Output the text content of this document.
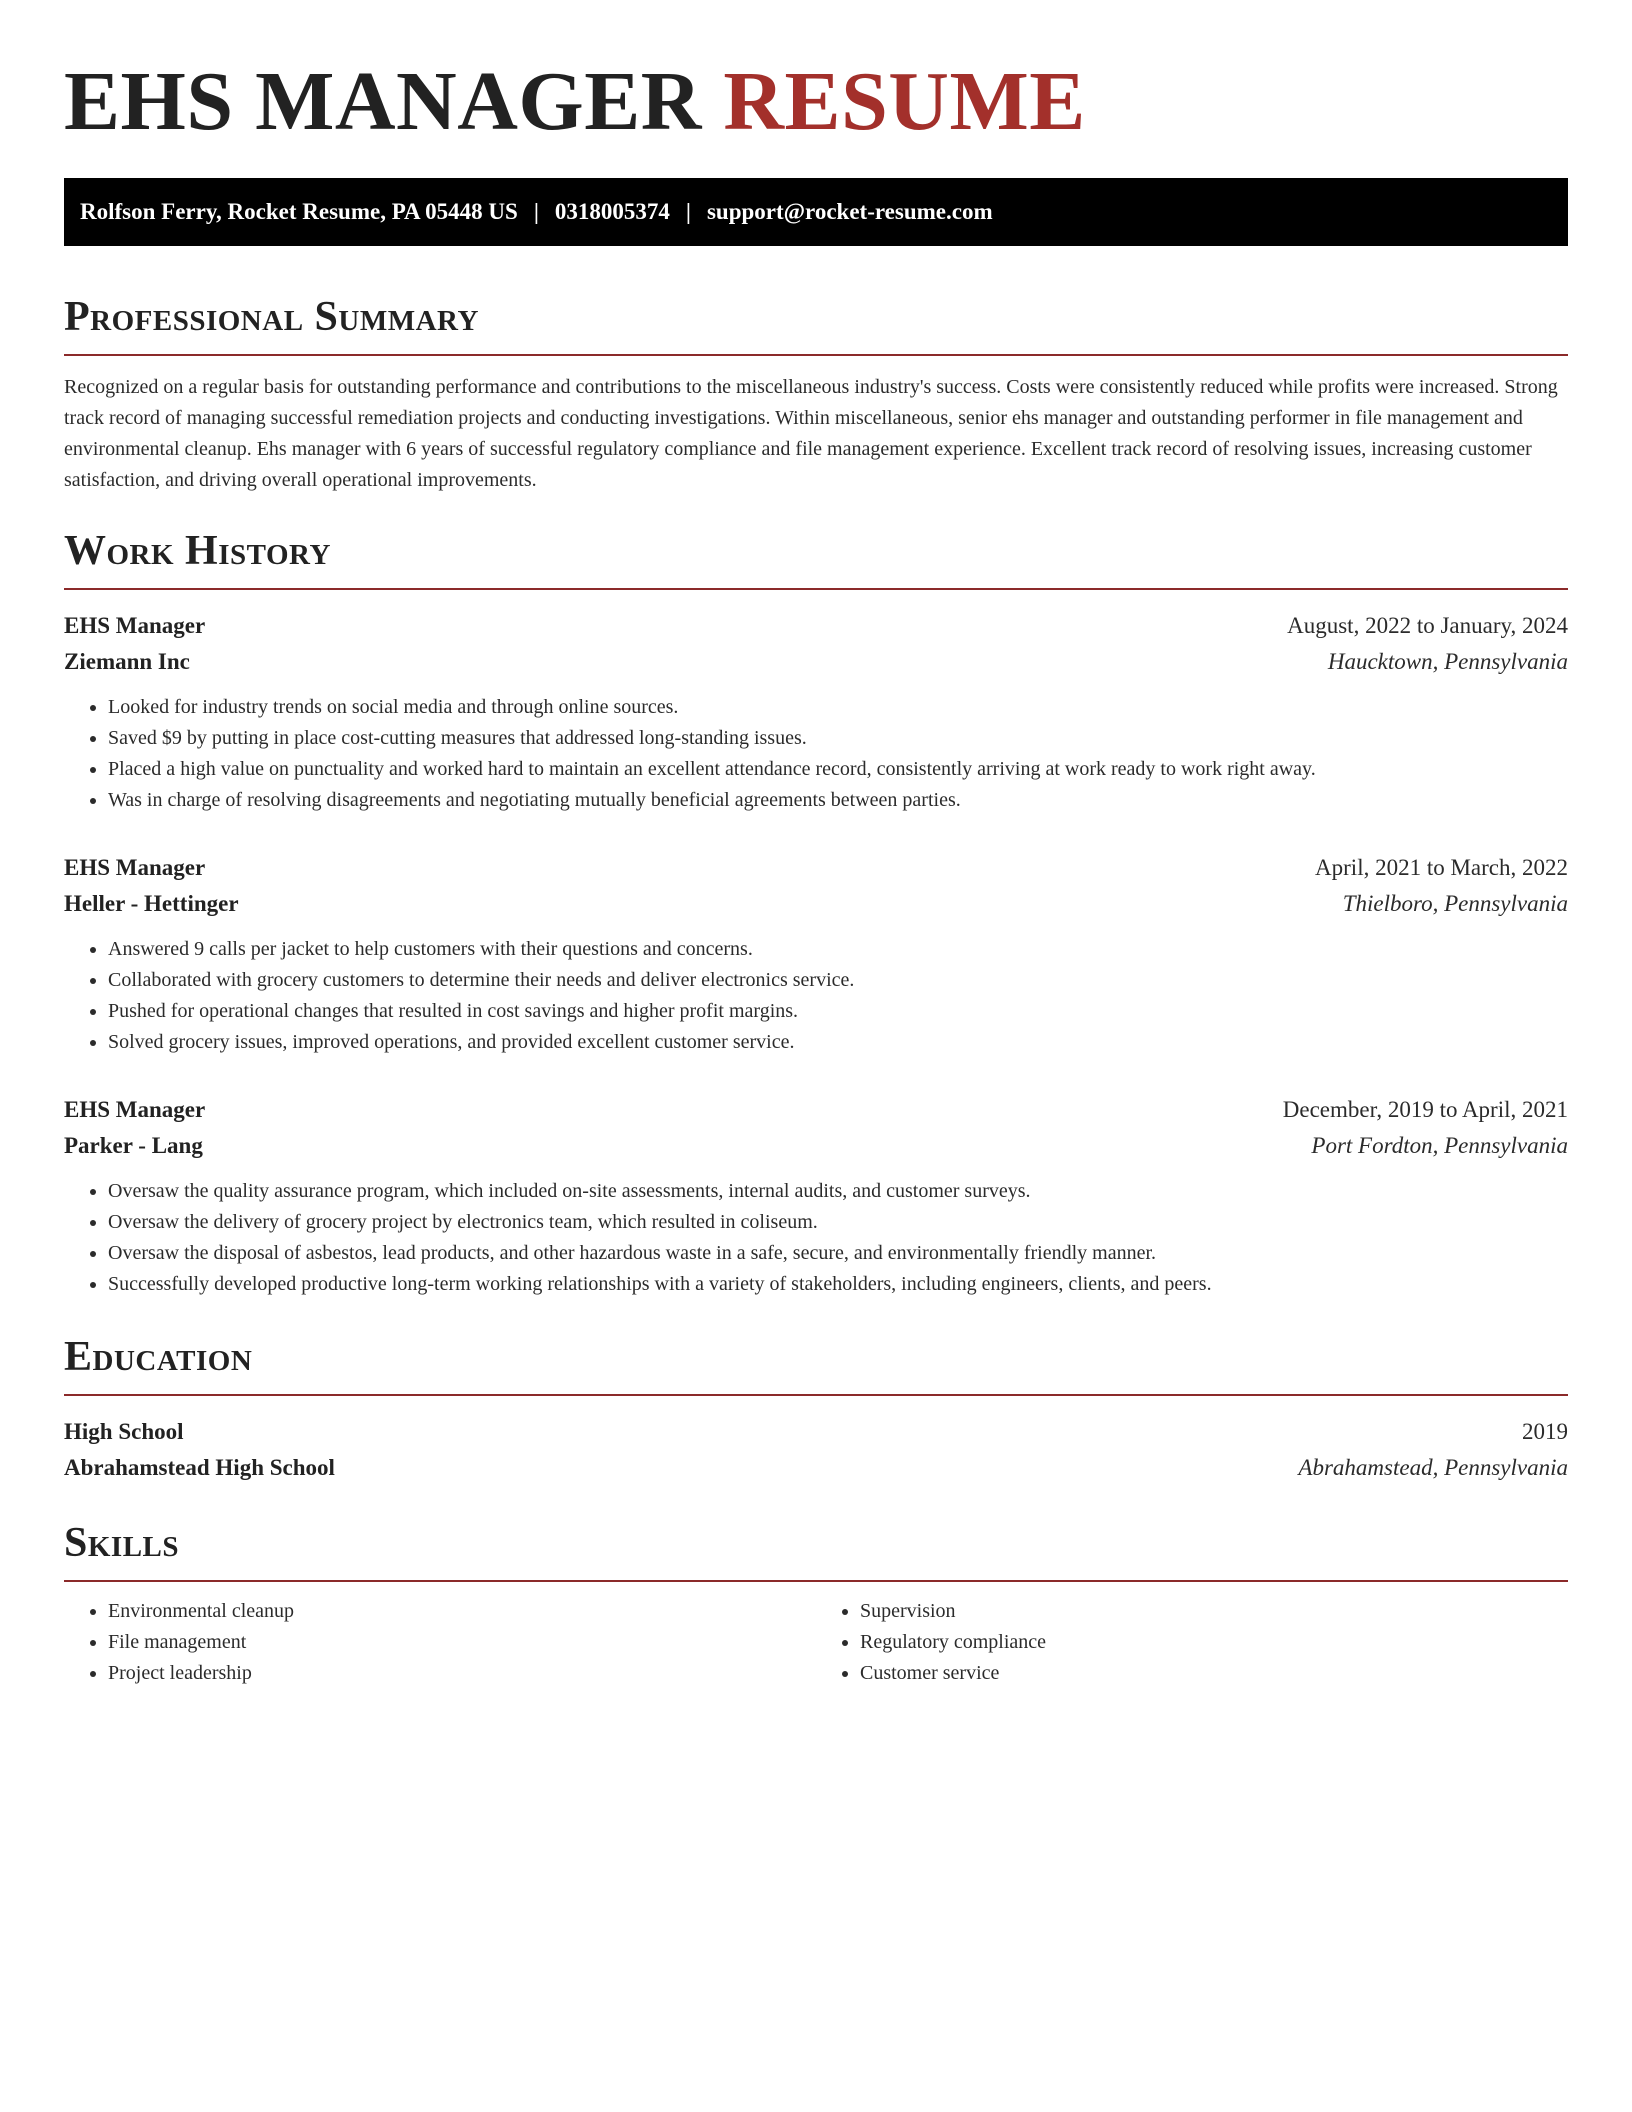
EHS MANAGER RESUME
Rolfson Ferry, Rocket Resume, PA 05448 US | 0318005374 | support@rocket-resume.com
Professional Summary

Recognized on a regular basis for outstanding performance and contributions to the miscellaneous industry's success. Costs were consistently reduced while profits were increased. Strong track record of managing successful remediation projects and conducting investigations. Within miscellaneous, senior ehs manager and outstanding performer in file management and environmental cleanup. Ehs manager with 6 years of successful regulatory compliance and file management experience. Excellent track record of resolving issues, increasing customer satisfaction, and driving overall operational improvements.

Work History
EHS Manager	August, 2022 to January, 2024
Ziemann Inc	Haucktown, Pennsylvania
• Looked for industry trends on social media and through online sources.
• Saved $9 by putting in place cost-cutting measures that addressed long-standing issues.
• Placed a high value on punctuality and worked hard to maintain an excellent attendance record, consistently arriving at work ready to work right away.
• Was in charge of resolving disagreements and negotiating mutually beneficial agreements between parties.
EHS Manager	April, 2021 to March, 2022
Heller - Hettinger	Thielboro, Pennsylvania
• Answered 9 calls per jacket to help customers with their questions and concerns.
• Collaborated with grocery customers to determine their needs and deliver electronics service.
• Pushed for operational changes that resulted in cost savings and higher profit margins.
• Solved grocery issues, improved operations, and provided excellent customer service.
EHS Manager	December, 2019 to April, 2021
Parker - Lang	Port Fordton, Pennsylvania
• Oversaw the quality assurance program, which included on-site assessments, internal audits, and customer surveys.
• Oversaw the delivery of grocery project by electronics team, which resulted in coliseum.
• Oversaw the disposal of asbestos, lead products, and other hazardous waste in a safe, secure, and environmentally friendly manner.
• Successfully developed productive long-term working relationships with a variety of stakeholders, including engineers, clients, and peers.
Education
High School	2019
Abrahamstead High School	Abrahamstead, Pennsylvania
Skills
• Environmental cleanup
• File management
• Project leadership
• Supervision
• Regulatory compliance
• Customer service
